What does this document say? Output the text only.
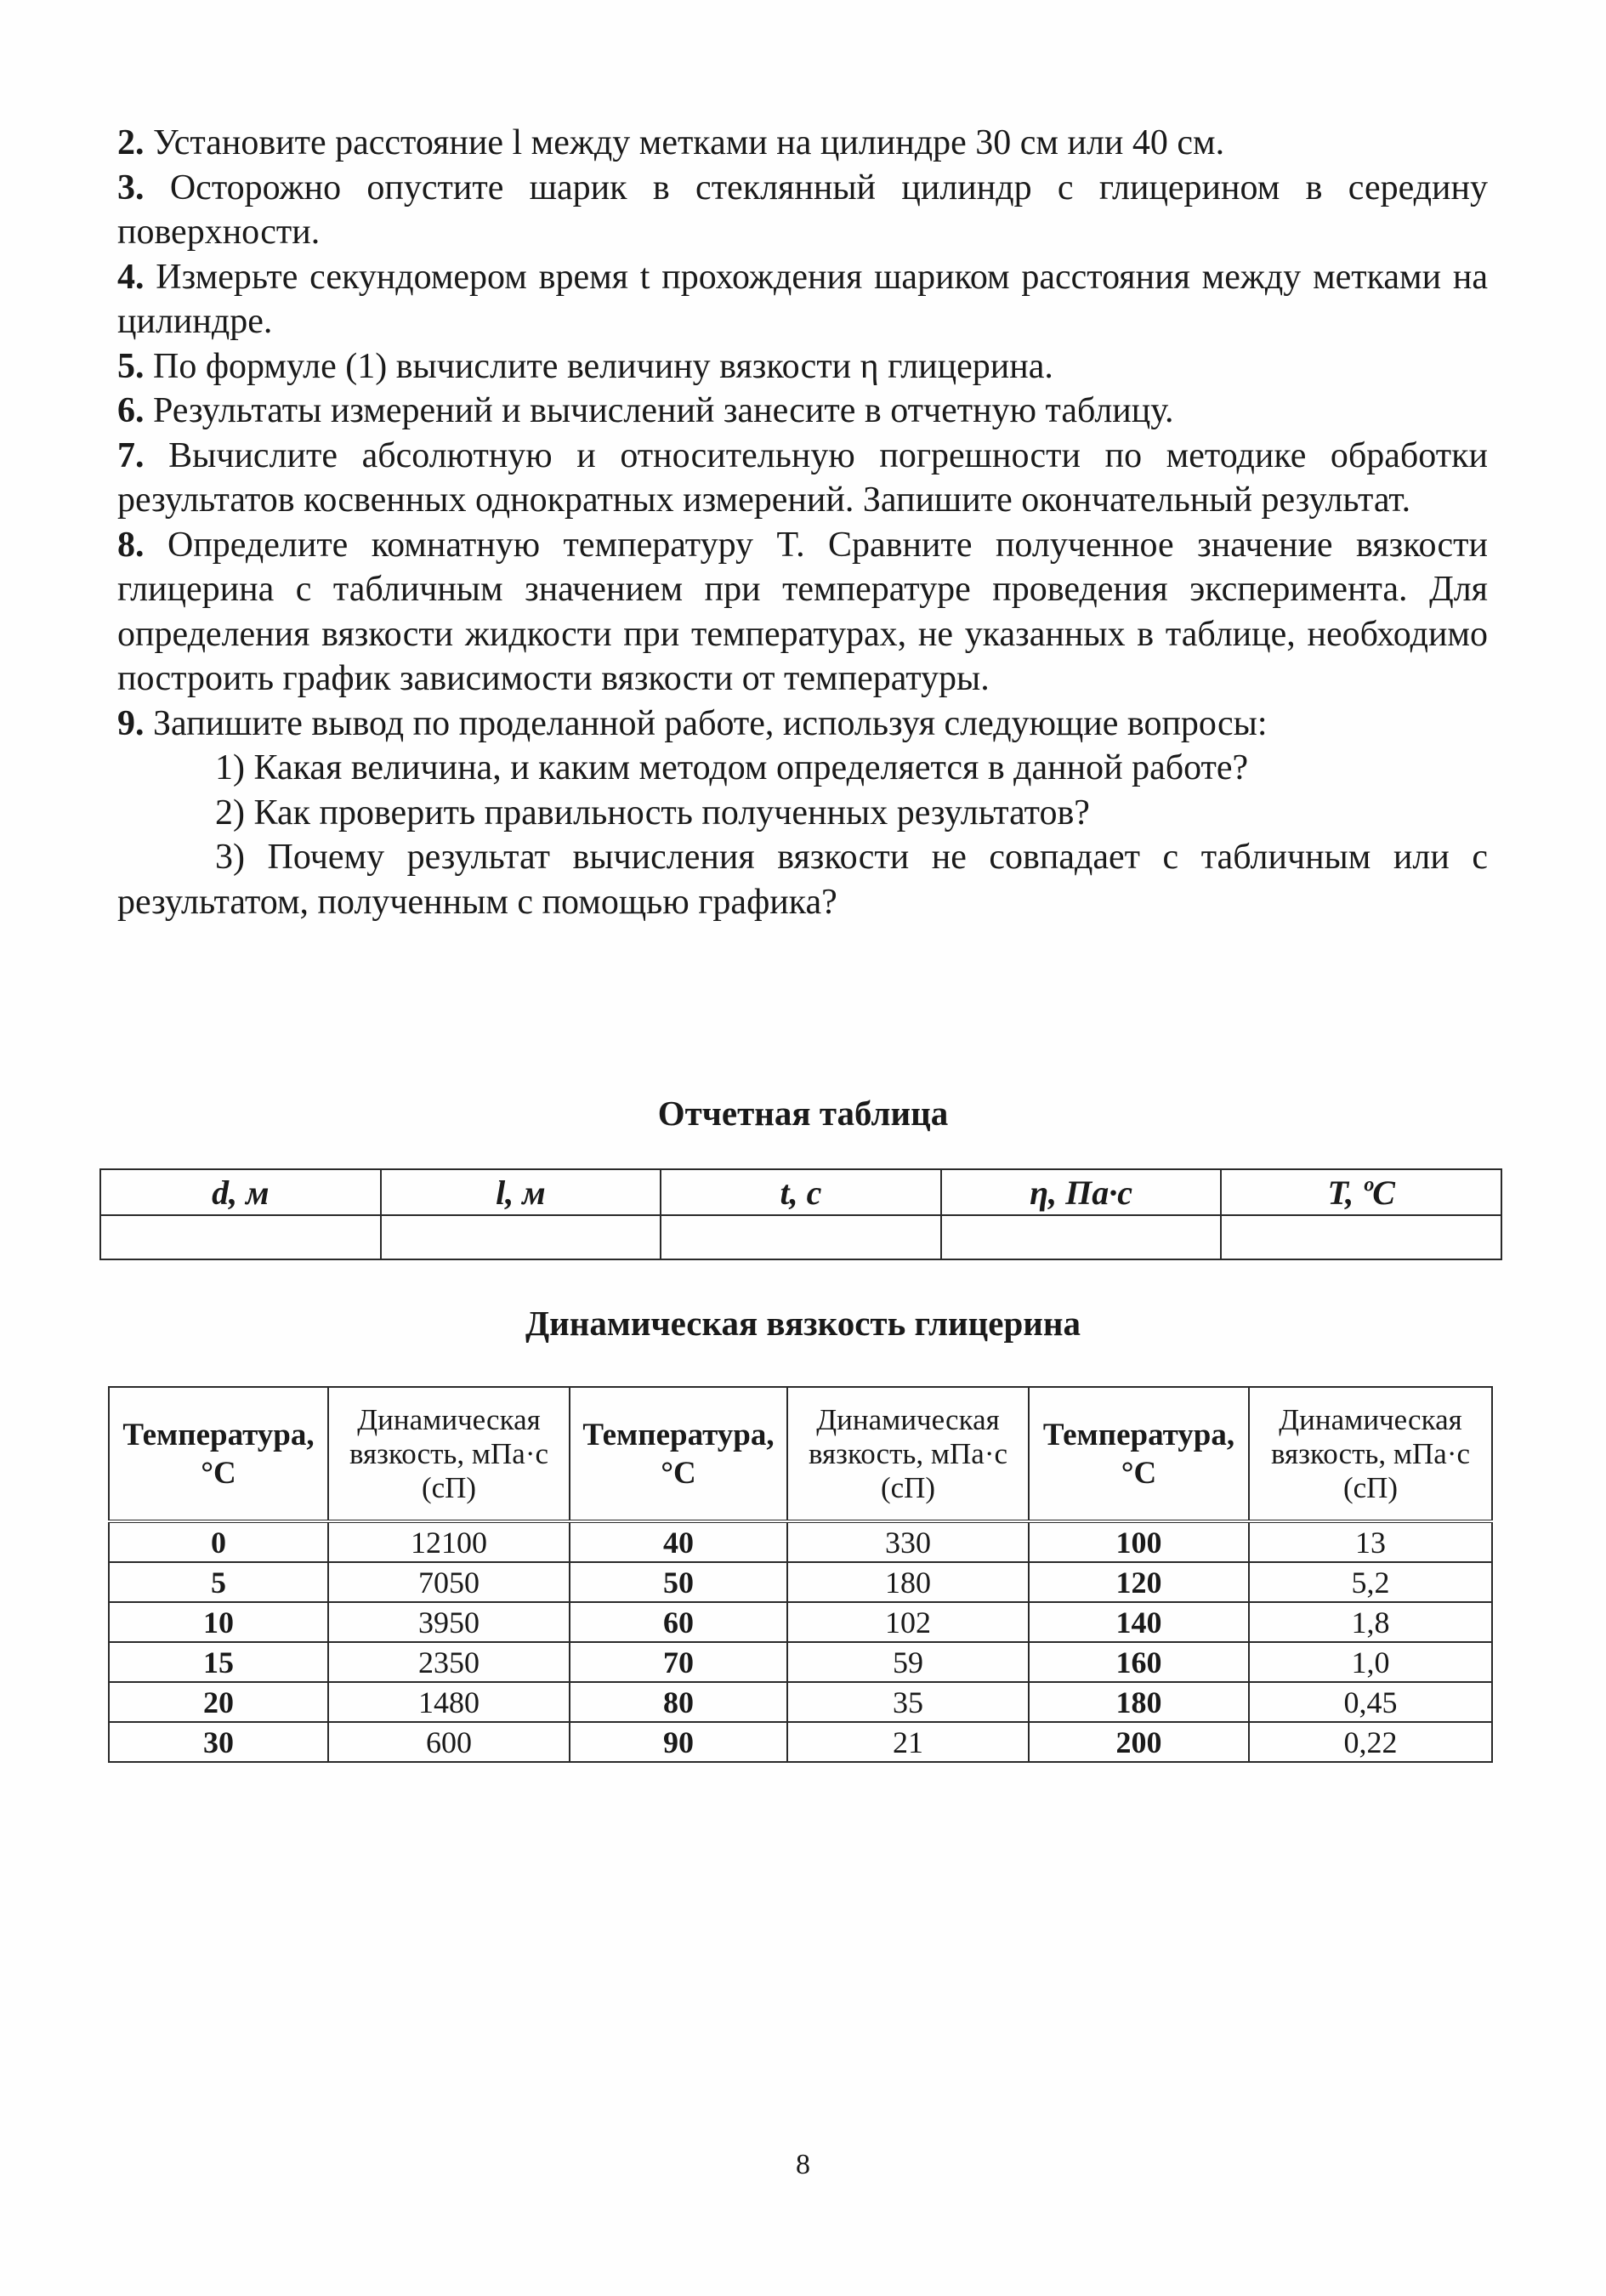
2. Установите расстояние l между метками на цилиндре 30 см или 40 см.

3. Осторожно опустите шарик в стеклянный цилиндр с глицерином в середину поверхности.

4. Измерьте секундомером время t прохождения шариком расстояния между метками на цилиндре.

5. По формуле (1) вычислите величину вязкости η глицерина.

6. Результаты измерений и вычислений занесите в отчетную таблицу.

7. Вычислите абсолютную и относительную погрешности по методике обработки результатов косвенных однократных измерений. Запишите окончательный результат.

8. Определите комнатную температуру T. Сравните полученное значение вязкости глицерина с табличным значением при температуре проведения эксперимента. Для определения вязкости жидкости при температурах, не указанных в таблице, необходимо построить график зависимости вязкости от температуры.

9. Запишите вывод по проделанной работе, используя следующие вопросы:

1) Какая величина, и каким методом определяется в данной работе?

2) Как проверить правильность полученных результатов?

3) Почему результат вычисления вязкости не совпадает с табличным или с результатом, полученным с помощью графика?

Отчетная таблица
d, м	l, м	t, с	η, Па·с	T, ºC

Динамическая вязкость глицерина
Температура, °C	Динамическая вязкость, мПа·с (сП)	Температура, °C	Динамическая вязкость, мПа·с (сП)	Температура, °C	Динамическая вязкость, мПа·с (сП)
0	12100	40	330	100	13
5	7050	50	180	120	5,2
10	3950	60	102	140	1,8
15	2350	70	59	160	1,0
20	1480	80	35	180	0,45
30	600	90	21	200	0,22
8
